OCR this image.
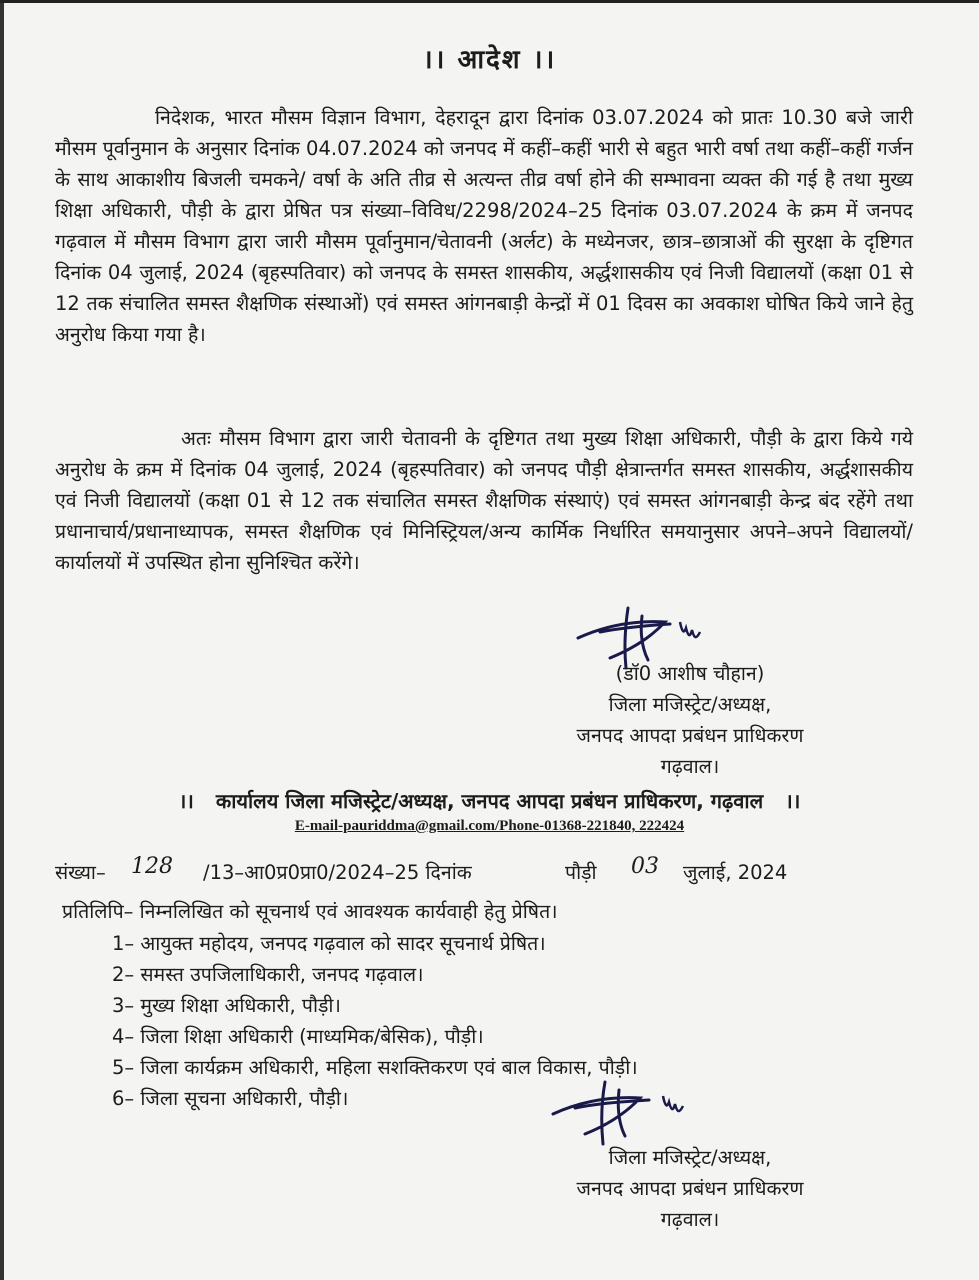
।। आदेश ।।
निदेशक, भारत मौसम विज्ञान विभाग, देहरादून द्वारा दिनांक 03.07.2024 को प्रातः 10.30 बजे जारी मौसम पूर्वानुमान के अनुसार दिनांक 04.07.2024 को जनपद में कहीं–कहीं भारी से बहुत भारी वर्षा तथा कहीं–कहीं गर्जन के साथ आकाशीय बिजली चमकने/ वर्षा के अति तीव्र से अत्यन्त तीव्र वर्षा होने की सम्भावना व्यक्त की गई है तथा मुख्य शिक्षा अधिकारी, पौड़ी के द्वारा प्रेषित पत्र संख्या–विविध/2298/2024–25 दिनांक 03.07.2024 के क्रम में जनपद गढ़वाल में मौसम विभाग द्वारा जारी मौसम पूर्वानुमान/चेतावनी (अर्लट) के मध्येनजर, छात्र–छात्राओं की सुरक्षा के दृष्टिगत दिनांक 04 जुलाई, 2024 (बृहस्पतिवार) को जनपद के समस्त शासकीय, अर्द्धशासकीय एवं निजी विद्यालयों (कक्षा 01 से 12 तक संचालित समस्त शैक्षणिक संस्थाओं) एवं समस्त आंगनबाड़ी केन्द्रों में 01 दिवस का अवकाश घोषित किये जाने हेतु अनुरोध किया गया है।
अतः मौसम विभाग द्वारा जारी चेतावनी के दृष्टिगत तथा मुख्य शिक्षा अधिकारी, पौड़ी के द्वारा किये गये अनुरोध के क्रम में दिनांक 04 जुलाई, 2024 (बृहस्पतिवार) को जनपद पौड़ी क्षेत्रान्तर्गत समस्त शासकीय, अर्द्धशासकीय एवं निजी विद्यालयों (कक्षा 01 से 12 तक संचालित समस्त शैक्षणिक संस्थाएं) एवं समस्त आंगनबाड़ी केन्द्र बंद रहेंगे तथा प्रधानाचार्य/प्रधानाध्यापक, समस्त शैक्षणिक एवं मिनिस्ट्रियल/अन्य कार्मिक निर्धारित समयानुसार अपने–अपने विद्यालयों/कार्यालयों में उपस्थित होना सुनिश्चित करेंगे।
(डॉ0 आशीष चौहान)
जिला मजिस्ट्रेट/अध्यक्ष,
जनपद आपदा प्रबंधन प्राधिकरण
गढ़वाल।
।। कार्यालय जिला मजिस्ट्रेट/अध्यक्ष, जनपद आपदा प्रबंधन प्राधिकरण, गढ़वाल ।।
E-mail-pauriddma@gmail.com/Phone-01368-221840, 222424
संख्या– 128 /13–आ0प्र0प्रा0/2024–25 दिनांक	पौड़ी 03 जुलाई, 2024
प्रतिलिपि– निम्नलिखित को सूचनार्थ एवं आवश्यक कार्यवाही हेतु प्रेषित।
1– आयुक्त महोदय, जनपद गढ़वाल को सादर सूचनार्थ प्रेषित।
2– समस्त उपजिलाधिकारी, जनपद गढ़वाल।
3– मुख्य शिक्षा अधिकारी, पौड़ी।
4– जिला शिक्षा अधिकारी (माध्यमिक/बेसिक), पौड़ी।
5– जिला कार्यक्रम अधिकारी, महिला सशक्तिकरण एवं बाल विकास, पौड़ी।
6– जिला सूचना अधिकारी, पौड़ी।
जिला मजिस्ट्रेट/अध्यक्ष,
जनपद आपदा प्रबंधन प्राधिकरण
गढ़वाल।
